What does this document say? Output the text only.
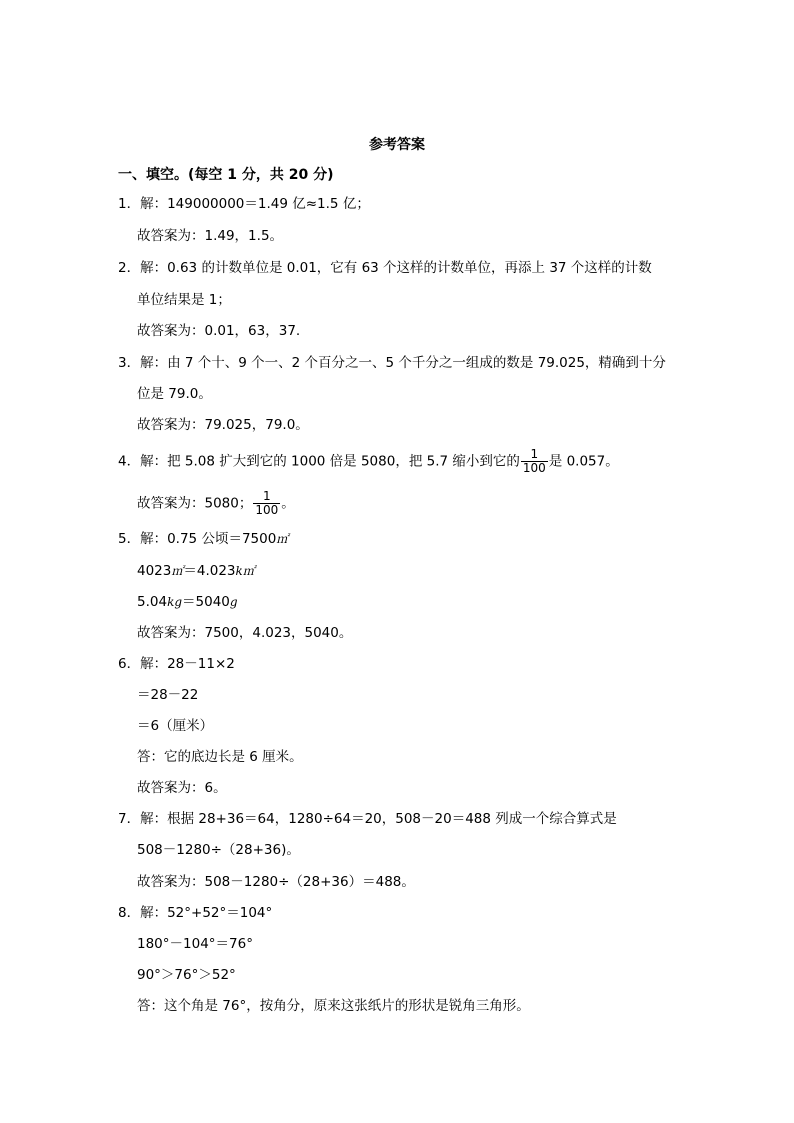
参考答案
一、填空。(每空 1 分，共 20 分)
1．解：149000000＝1.49 亿≈1.5 亿；
故答案为：1.49，1.5。
2．解：0.63 的计数单位是 0.01，它有 63 个这样的计数单位，再添上 37 个这样的计数
单位结果是 1；
故答案为：0.01，63，37.
3．解：由 7 个十、9 个一、2 个百分之一、5 个千分之一组成的数是 79.025，精确到十分
位是 79.0。
故答案为：79.025，79.0。
4．解：把 5.08 扩大到它的 1000 倍是 5080，把 5.7 缩小到它的 $\frac{1}{100}$ 是 0.057。
故答案为：5080； $\frac{1}{100}$ 。
5．解：0.75 公顷＝7500㎡
4023㎡＝4.023k㎡
5.04kg＝5040g
故答案为：7500，4.023，5040。
6．解：28－11×2
＝28－22
＝6（厘米）
答：它的底边长是 6 厘米。
故答案为：6。
7．解：根据 28+36＝64，1280÷64＝20，508－20＝488 列成一个综合算式是
508－1280÷（28+36)。
故答案为：508－1280÷（28+36）＝488。
8．解：52°+52°＝104°
180°－104°＝76°
90°＞76°＞52°
答：这个角是 76°，按角分，原来这张纸片的形状是锐角三角形。
